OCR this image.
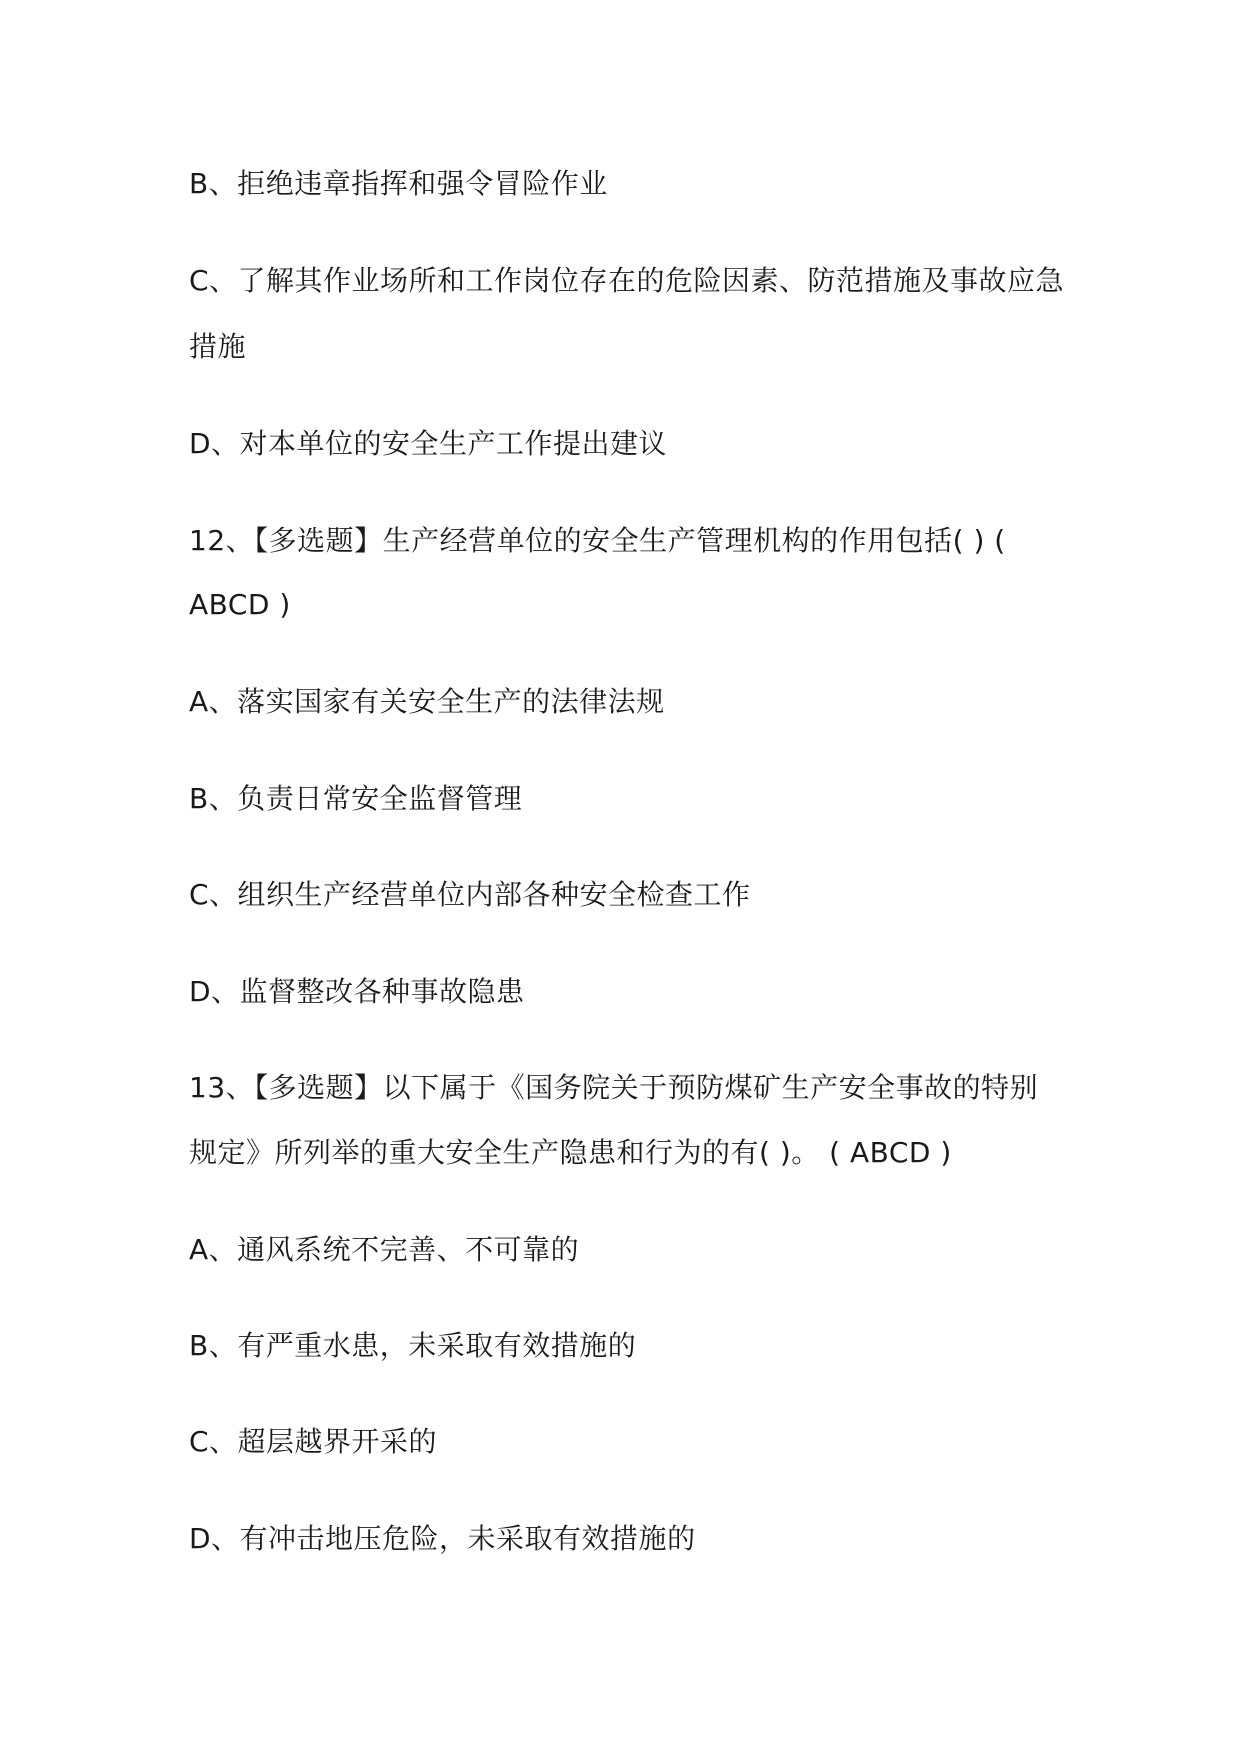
B、拒绝违章指挥和强令冒险作业
C、了解其作业场所和工作岗位存在的危险因素、防范措施及事故应急
措施
D、对本单位的安全生产工作提出建议
12、【多选题】生产经营单位的安全生产管理机构的作用包括( ) (
ABCD )
A、落实国家有关安全生产的法律法规
B、负责日常安全监督管理
C、组织生产经营单位内部各种安全检查工作
D、监督整改各种事故隐患
13、【多选题】以下属于《国务院关于预防煤矿生产安全事故的特别
规定》所列举的重大安全生产隐患和行为的有( )。 ( ABCD )
A、通风系统不完善、不可靠的
B、有严重水患，未采取有效措施的
C、超层越界开采的
D、有冲击地压危险，未采取有效措施的
